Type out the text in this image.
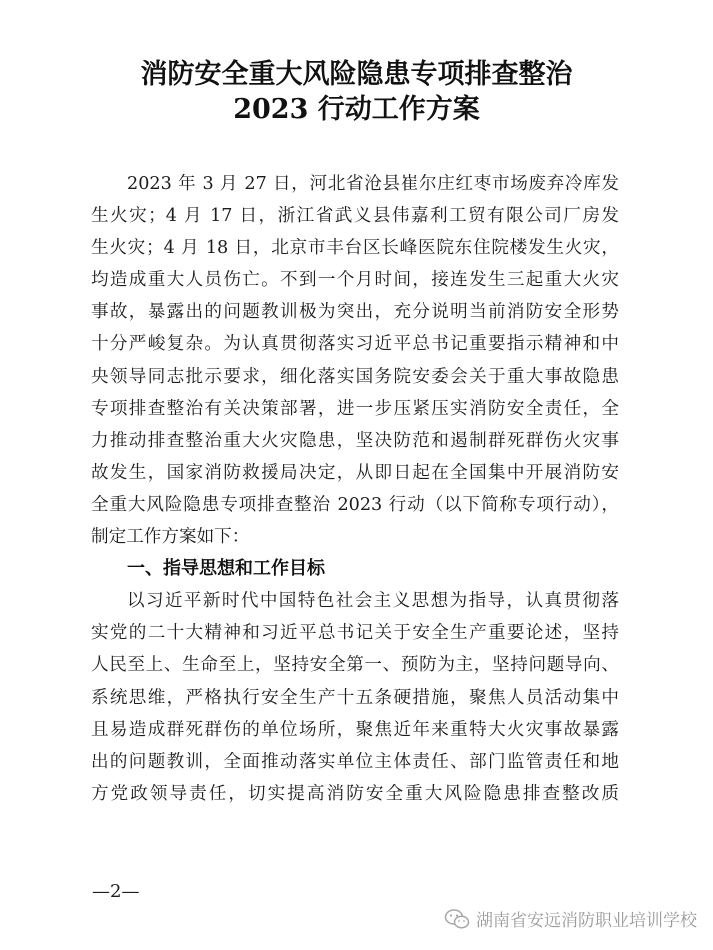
消防安全重大风险隐患专项排查整治
2023 行动工作方案
2023 年 3 月 27 日，河北省沧县崔尔庄红枣市场废弃冷库发
生火灾；4 月 17 日，浙江省武义县伟嘉利工贸有限公司厂房发
生火灾；4 月 18 日，北京市丰台区长峰医院东住院楼发生火灾，
均造成重大人员伤亡。不到一个月时间，接连发生三起重大火灾
事故，暴露出的问题教训极为突出，充分说明当前消防安全形势
十分严峻复杂。为认真贯彻落实习近平总书记重要指示精神和中
央领导同志批示要求，细化落实国务院安委会关于重大事故隐患
专项排查整治有关决策部署，进一步压紧压实消防安全责任，全
力推动排查整治重大火灾隐患，坚决防范和遏制群死群伤火灾事
故发生，国家消防救援局决定，从即日起在全国集中开展消防安
全重大风险隐患专项排查整治 2023 行动（以下简称专项行动），
制定工作方案如下：
一、指导思想和工作目标
以习近平新时代中国特色社会主义思想为指导，认真贯彻落
实党的二十大精神和习近平总书记关于安全生产重要论述，坚持
人民至上、生命至上，坚持安全第一、预防为主，坚持问题导向、
系统思维，严格执行安全生产十五条硬措施，聚焦人员活动集中
且易造成群死群伤的单位场所，聚焦近年来重特大火灾事故暴露
出的问题教训，全面推动落实单位主体责任、部门监管责任和地
方党政领导责任，切实提高消防安全重大风险隐患排查整改质
—2—
湖南省安远消防职业培训学校
